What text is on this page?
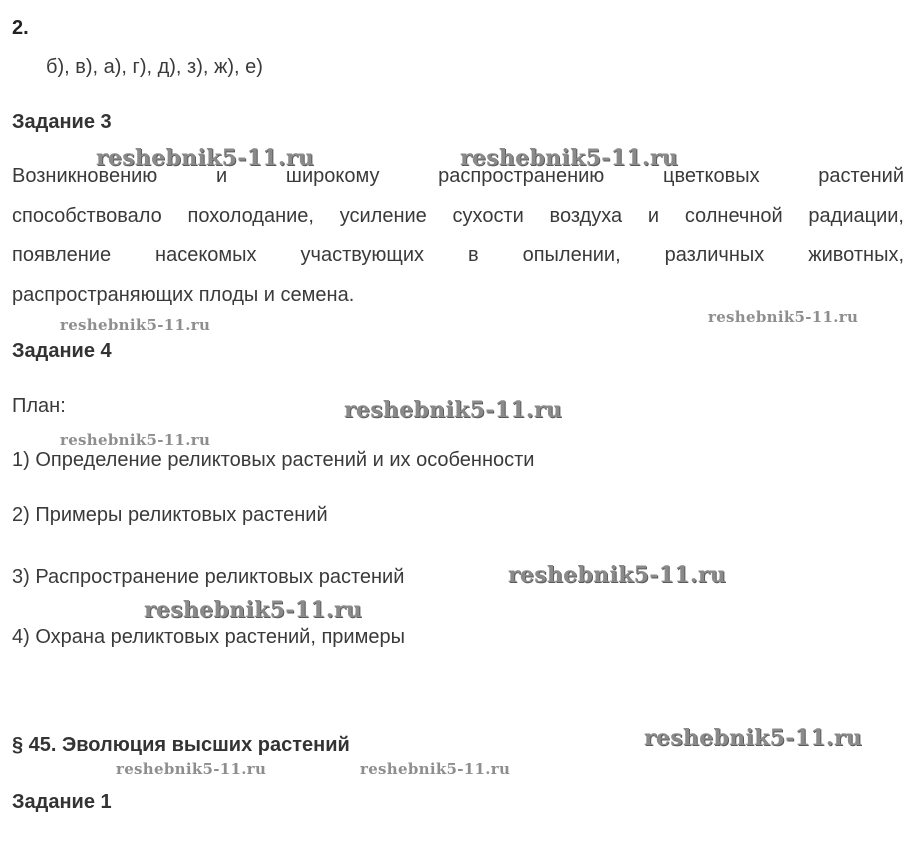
2.
б), в), а), г), д), з), ж), е)
Задание 3
Возникновению и широкому распространению цветковых растений
способствовало похолодание, усиление сухости воздуха и солнечной радиации,
появление насекомых участвующих в опылении, различных животных,
распространяющих плоды и семена.
Задание 4
План:
1) Определение реликтовых растений и их особенности
2) Примеры реликтовых растений
3) Распространение реликтовых растений
4) Охрана реликтовых растений, примеры
§ 45. Эволюция высших растений
Задание 1
reshebnik5-11.ru	reshebnik5-11.ru
reshebnik5-11.ru	reshebnik5-11.ru
reshebnik5-11.ru
reshebnik5-11.ru
reshebnik5-11.ru
reshebnik5-11.ru
reshebnik5-11.ru
reshebnik5-11.ru	reshebnik5-11.ru
